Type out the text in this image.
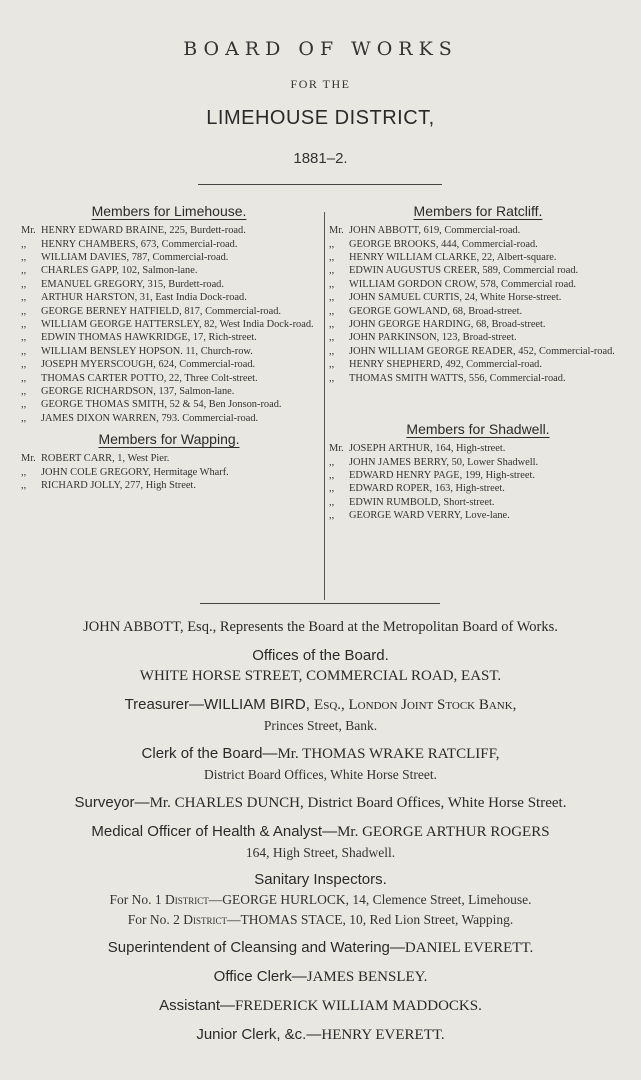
BOARD OF WORKS
FOR THE
LIMEHOUSE DISTRICT,
1881–2.
Members for Limehouse.
Mr. HENRY EDWARD BRAINE, 225, Burdett-road.
,,	HENRY CHAMBERS, 673, Commercial-road.
,,	WILLIAM DAVIES, 787, Commercial-road.
,,	CHARLES GAPP, 102, Salmon-lane.
,,	EMANUEL GREGORY, 315, Burdett-road.
,,	ARTHUR HARSTON, 31, East India Dock-road.
,,	GEORGE BERNEY HATFIELD, 817, Commercial-road.
,,	WILLIAM GEORGE HATTERSLEY, 82, West India Dock-road.
,,	EDWIN THOMAS HAWKRIDGE, 17, Rich-street.
,,	WILLIAM BENSLEY HOPSON. 11, Church-row.
,,	JOSEPH MYERSCOUGH, 624, Commercial-road.
,,	THOMAS CARTER POTTO, 22, Three Colt-street.
,,	GEORGE RICHARDSON, 137, Salmon-lane.
,,	GEORGE THOMAS SMITH, 52 & 54, Ben Jonson-road.
,,	JAMES DIXON WARREN, 793. Commercial-road.
Members for Wapping.
Mr. ROBERT CARR, 1, West Pier.
,,	JOHN COLE GREGORY, Hermitage Wharf.
,,	RICHARD JOLLY, 277, High Street.
Members for Ratcliff.
Mr. JOHN ABBOTT, 619, Commercial-road.
,,	GEORGE BROOKS, 444, Commercial-road.
,,	HENRY WILLIAM CLARKE, 22, Albert-square.
,,	EDWIN AUGUSTUS CREER, 589, Commercial road.
,,	WILLIAM GORDON CROW, 578, Commercial road.
,,	JOHN SAMUEL CURTIS, 24, White Horse-street.
,,	GEORGE GOWLAND, 68, Broad-street.
,,	JOHN GEORGE HARDING, 68, Broad-street.
,,	JOHN PARKINSON, 123, Broad-street.
,,	JOHN WILLIAM GEORGE READER, 452, Commercial-road.
,,	HENRY SHEPHERD, 492, Commercial-road.
,,	THOMAS SMITH WATTS, 556, Commercial-road.
Members for Shadwell.
Mr. JOSEPH ARTHUR, 164, High-street.
,,	JOHN JAMES BERRY, 50, Lower Shadwell.
,,	EDWARD HENRY PAGE, 199, High-street.
,,	EDWARD ROPER, 163, High-street.
,,	EDWIN RUMBOLD, Short-street.
,,	GEORGE WARD VERRY, Love-lane.

JOHN ABBOTT, Esq., Represents the Board at the Metropolitan Board of Works.

Offices of the Board.

WHITE HORSE STREET, COMMERCIAL ROAD, EAST.

Treasurer—WILLIAM BIRD, Esq., London Joint Stock Bank,

Princes Street, Bank.

Clerk of the Board—Mr. THOMAS WRAKE RATCLIFF,

District Board Offices, White Horse Street.

Surveyor—Mr. CHARLES DUNCH, District Board Offices, White Horse Street.

Medical Officer of Health & Analyst—Mr. GEORGE ARTHUR ROGERS

164, High Street, Shadwell.

Sanitary Inspectors.

For No. 1 District—GEORGE HURLOCK, 14, Clemence Street, Limehouse.

For No. 2 District—THOMAS STACE, 10, Red Lion Street, Wapping.

Superintendent of Cleansing and Watering—DANIEL EVERETT.

Office Clerk—JAMES BENSLEY.

Assistant—FREDERICK WILLIAM MADDOCKS.

Junior Clerk, &c.—HENRY EVERETT.
